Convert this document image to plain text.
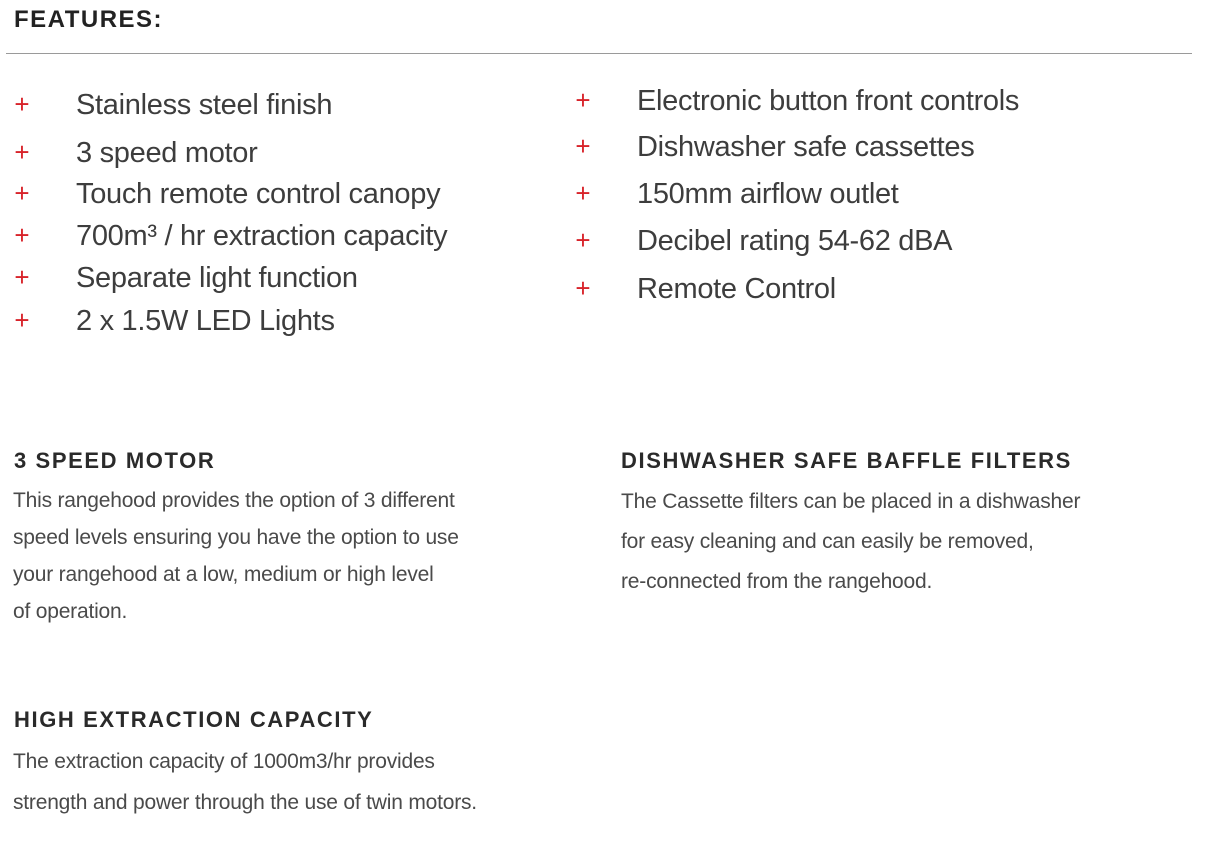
FEATURES:
+ Stainless steel finish
+ 3 speed motor
+ Touch remote control canopy
+ 700m³ / hr extraction capacity
+ Separate light function
+ 2 x 1.5W LED Lights
+ Electronic button front controls
+ Dishwasher safe cassettes
+ 150mm airflow outlet
+ Decibel rating 54-62 dBA
+ Remote Control
3 SPEED MOTOR
This rangehood provides the option of 3 different
speed levels ensuring you have the option to use
your rangehood at a low, medium or high level
of operation.
DISHWASHER SAFE BAFFLE FILTERS
The Cassette filters can be placed in a dishwasher
for easy cleaning and can easily be removed,
re-connected from the rangehood.
HIGH EXTRACTION CAPACITY
The extraction capacity of 1000m3/hr provides
strength and power through the use of twin motors.
